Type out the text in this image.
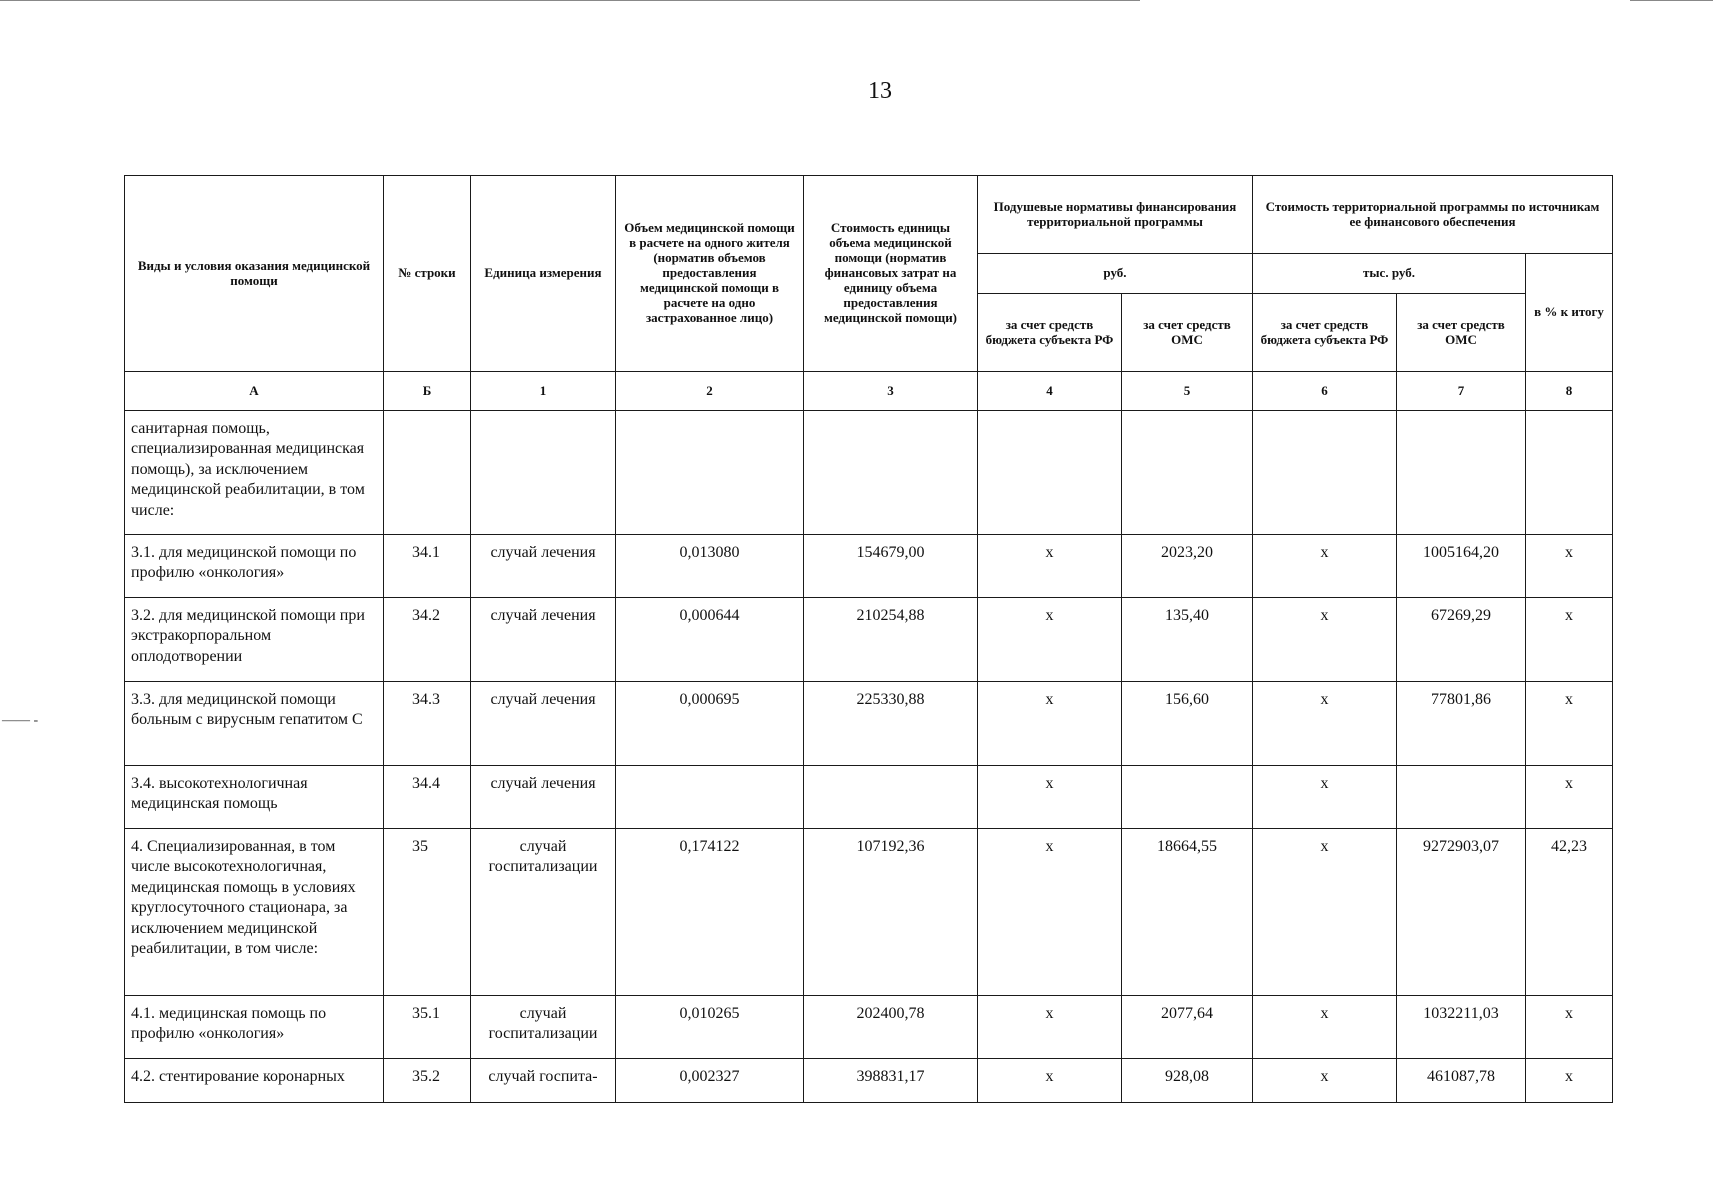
—— -
13
Виды и условия оказания медицинской помощи	№ строки	Единица измерения	Объем медицинской помощи в расчете на одного жителя (норматив объемов предоставления медицинской помощи в расчете на одно застрахованное лицо)	Стоимость единицы объема медицинской помощи (норматив финансовых затрат на единицу объема предоставления медицинской помощи)	Подушевые нормативы финансирования территориальной программы		Стоимость территориальной программы по источникам ее финансового обеспечения		
					руб.		тыс. руб.		в % к итогу
					за счет средств бюджета субъекта РФ	за счет средств ОМС	за счет средств бюджета субъекта РФ	за счет средств ОМС	
А	Б	1	2	3	4	5	6	7	8
санитарная помощь, специализированная медицинская помощь), за исключением медицинской реабилитации, в том числе:									
3.1. для медицинской помощи по профилю «онкология»	34.1	случай лечения	0,013080	154679,00	х	2023,20	х	1005164,20	х
3.2. для медицинской помощи при экстракорпоральном оплодотворении	34.2	случай лечения	0,000644	210254,88	х	135,40	х	67269,29	х
3.3. для медицинской помощи больным с вирусным гепатитом С	34.3	случай лечения	0,000695	225330,88	х	156,60	х	77801,86	х
3.4. высокотехнологичная медицинская помощь	34.4	случай лечения			х		х		х
4. Специализированная, в том числе высокотехнологичная, медицинская помощь в условиях круглосуточного стационара, за исключением медицинской реабилитации, в том числе:	35	случай госпитализации	0,174122	107192,36	х	18664,55	х	9272903,07	42,23
4.1. медицинская помощь по профилю «онкология»	35.1	случай госпитализации	0,010265	202400,78	х	2077,64	х	1032211,03	х
4.2. стентирование коронарных	35.2	случай госпита-	0,002327	398831,17	х	928,08	х	461087,78	х
